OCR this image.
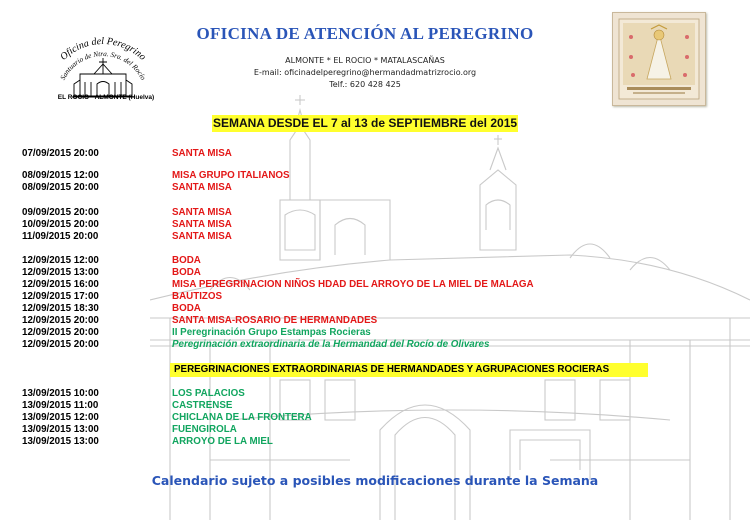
Oficina del Peregrino
Santuario de Ntra. Sra. del Rocío
EL ROCIO - ALMONTE (Huelva)
OFICINA DE ATENCIÓN AL PEREGRINO
ALMONTE * EL ROCIO * MATALASCAÑAS
E-mail: oficinadelperegrino@hermandadmatrizrocio.org
Telf.: 620 428 425
SEMANA DESDE EL 7 al 13 de SEPTIEMBRE del 2015
07/09/2015 20:00	SANTA MISA
08/09/2015 12:00	MISA GRUPO ITALIANOS
08/09/2015 20:00	SANTA MISA
09/09/2015 20:00	SANTA MISA
10/09/2015 20:00	SANTA MISA
11/09/2015 20:00	SANTA MISA
12/09/2015 12:00	BODA
12/09/2015 13:00	BODA
12/09/2015 16:00	MISA PEREGRINACION NIÑOS HDAD DEL ARROYO DE LA MIEL DE MALAGA
12/09/2015 17:00	BAUTIZOS
12/09/2015 18:30	BODA
12/09/2015 20:00	SANTA MISA-ROSARIO DE HERMANDADES
12/09/2015 20:00	II Peregrinación Grupo Estampas Rocieras
12/09/2015 20:00	Peregrinación extraordinaria de la Hermandad del Rocío de Olivares
PEREGRINACIONES EXTRAORDINARIAS DE HERMANDADES Y AGRUPACIONES ROCIERAS
13/09/2015 10:00	LOS PALACIOS
13/09/2015 11:00	CASTRENSE
13/09/2015 12:00	CHICLANA DE LA FRONTERA
13/09/2015 13:00	FUENGIROLA
13/09/2015 13:00	ARROYO DE LA MIEL
Calendario sujeto a posibles modificaciones durante la Semana
